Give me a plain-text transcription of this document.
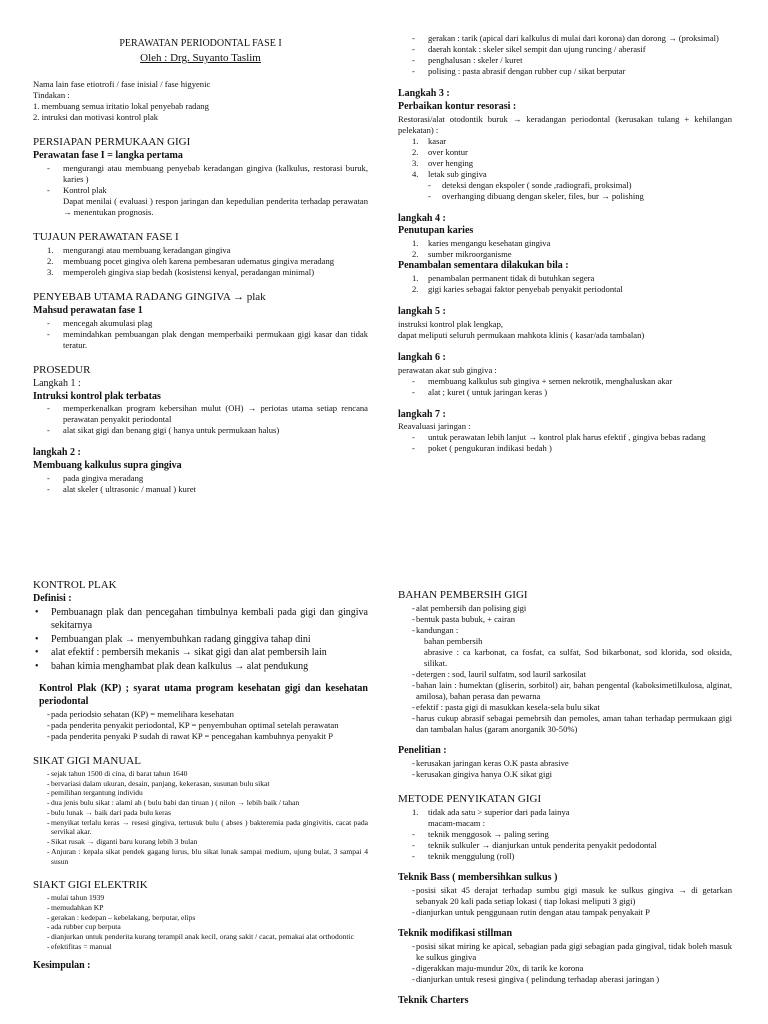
PERAWATAN PERIODONTAL FASE I
Oleh : Drg. Suyanto Taslim
Nama lain fase etiotrofi / fase inisial / fase higyenic
Tindakan :
1. membuang semua iritatio lokal penyebab radang
2. intruksi dan motivasi kontrol plak
PERSIAPAN PERMUKAAN GIGI
Perawatan fase I = langka pertama
- mengurangi atau membuang penyebab keradangan gingiva (kalkulus, restorasi buruk, karies )
- Kontrol plak
Dapat menilai ( evaluasi ) respon jaringan dan kepedulian penderita terhadap perawatan → menentukan prognosis.
TUJAUN PERAWATAN FASE I
1. mengurangi atau membuang keradangan gingiva
2. membuang pocet gingiva oleh karena pembesaran udematus gingiva meradang
3. memperoleh gingiva siap bedah (kosistensi kenyal, peradangan minimal)
PENYEBAB UTAMA RADANG GINGIVA → plak
Mahsud perawatan fase 1
- mencegah akumulasi plag
- memindahkan pembuangan plak dengan memperbaiki permukaan gigi kasar dan tidak teratur.
PROSEDUR
Langkah 1 :
Intruksi kontrol plak terbatas
- memperkenalkan program kebersihan mulut (OH) → periotas utama setiap rencana perawatan penyakit periodontal
- alat sikat gigi dan benang gigi ( hanya untuk permukaan halus)
langkah 2 :
Membuang kalkulus supra gingiva
- pada gingiva meradang
- alat skeler ( ultrasonic / manual ) kuret
- gerakan : tarik (apical dari kalkulus di mulai dari korona) dan dorong → (proksimal)
- daerah kontak : skeler sikel sempit dan ujung runcing / aberasif
- penghalusan : skeler / kuret
- polising : pasta abrasif dengan rubber cup / sikat berputar
Langkah 3 :
Perbaikan kontur resorasi :
Restorasi/alat otodontik buruk → keradangan periodontal (kerusakan tulang + kehilangan pelekatan) :
1. kasar
2. over kontur
3. over henging
4. letak sub gingiva
- deteksi dengan ekspoler ( sonde ,radiografi, proksimal)
- overhanging dibuang dengan skeler, files, bur → polishing
langkah 4 :
Penutupan karies
1. karies mengangu kesehatan gingiva
2. sumber mikroorganisme
Penambalan sementara dilakukan bila :
1. penambalan permanent tidak di butuhkan segera
2. gigi karies sebagai faktor penyebab penyakit periodontal
langkah 5 :
instruksi kontrol plak lengkap,
dapat meliputi seluruh permukaan mahkota klinis ( kasar/ada tambalan)
langkah 6 :
perawatan akar sub gingiva :
- membuang kalkulus sub gingiva + semen nekrotik, menghaluskan akar
- alat ; kuret ( untuk jaringan keras )
langkah 7 :
Reavaluasi jaringan :
- untuk perawatan lebih lanjut → kontrol plak harus efektif , gingiva bebas radang
- poket ( pengukuran indikasi bedah )
KONTROL PLAK
Definisi :
• Pembuanagn plak dan pencegahan timbulnya kembali pada gigi dan gingiva sekitarnya
• Pembuangan plak → menyembuhkan radang ginggiva tahap dini
• alat efektif : pembersih mekanis → sikat gigi dan alat pembersih lain
• bahan kimia menghambat plak dean kalkulus → alat pendukung
Kontrol Plak (KP) ; syarat utama program kesehatan gigi dan kesehatan periodontal
- pada periodsio sehatan (KP) = memelihara kesehatan
- pada penderita penyakit periodontal, KP = penyembuhan optimal setelah perawatan
- pada penderita penyaki P sudah di rawat KP = pencegahan kambuhnya penyakit P
SIKAT GIGI MANUAL
- sejak tahun 1500 di cina, di barat tahun 1640
- bervariasi dalam ukuran, desain, panjang, kekerasan, susunan bulu sikat
- pemilihan tergantung individu
- dua jenis bulu sikat : alami ah ( bulu babi dan tiruan ) ( nilon → lebih baik / tahan
- bulu lunak → baik dari pada bulu keras
- menyikat terlalu keras → resesi gingiva, tertusuk bulu ( abses ) bakteremia pada gingivitis, cacat pada servikal akar.
- Sikat rusak → diganti baru kurang lebih 3 bulan
- Anjuran : kepala sikat pendek gagang lurus, blu sikat lunak sampai medium, ujung bulat, 3 sampai 4 susun
SIAKT GIGI ELEKTRIK
- mulai tahun 1939
- memudahkan KP
- gerakan : kedepan – kebelakang, berputar, elips
- ada rubber cup berputa
- dianjurkan untuk penderita kurang terampil anak kecil, orang sakit / cacat, pemakai alat orthodontic
- efektifitas = manual
Kesimpulan :
BAHAN PEMBERSIH GIGI
- alat pembersih dan polising gigi
- bentuk pasta bubuk, + cairan
- kandungan :
bahan pembersih
abrasive : ca karbonat, ca fosfat, ca sulfat, Sod bikarbonat, sod klorida, sod oksida, silikat.
- detergen : sod, lauril sulfatm, sod lauril sarkosilat
- bahan lain : humektan (gliserin, sorbitol) air, bahan pengental (kaboksimetilkulosa, alginat, amilosa), bahan perasa dan pewarna
- efektif : pasta gigi di masukkan kesela-sela bulu sikat
- harus cukup abrasif sebagai pemebrsih dan pemoles, aman tahan terhadap permukaan gigi dan tambalan halus (garam anorganik 30-50%)
Penelitian :
- kerusakan jaringan keras O.K pasta abrasive
- kerusakan gingiva hanya O.K sikat gigi
METODE PENYIKATAN GIGI
1. tidak ada satu > superior dari pada lainya
macam-macam :
- teknik menggosok → paling sering
- teknik sulkuler → dianjurkan untuk penderita penyakit pedodontal
- teknik menggulung (roll)
Teknik Bass ( membersihkan sulkus )
- posisi sikat 45 derajat terhadap sumbu gigi masuk ke sulkus gingiva → di getarkan sebanyak 20 kali pada setiap lokasi ( tiap lokasi meliputi 3 gigi)
- dianjurkan untuk penggunaan rutin dengan atau tampak penyakait P
Teknik modifikasi stillman
- posisi sikat miring ke apical, sebagian pada gigi sebagian pada gingival, tidak boleh masuk ke sulkus gingiva
- digerakkan maju-mundur 20x, di tarik ke korona
- dianjurkan untuk resesi gingiva ( pelindung terhadap aberasi jaringan )
Teknik Charters
